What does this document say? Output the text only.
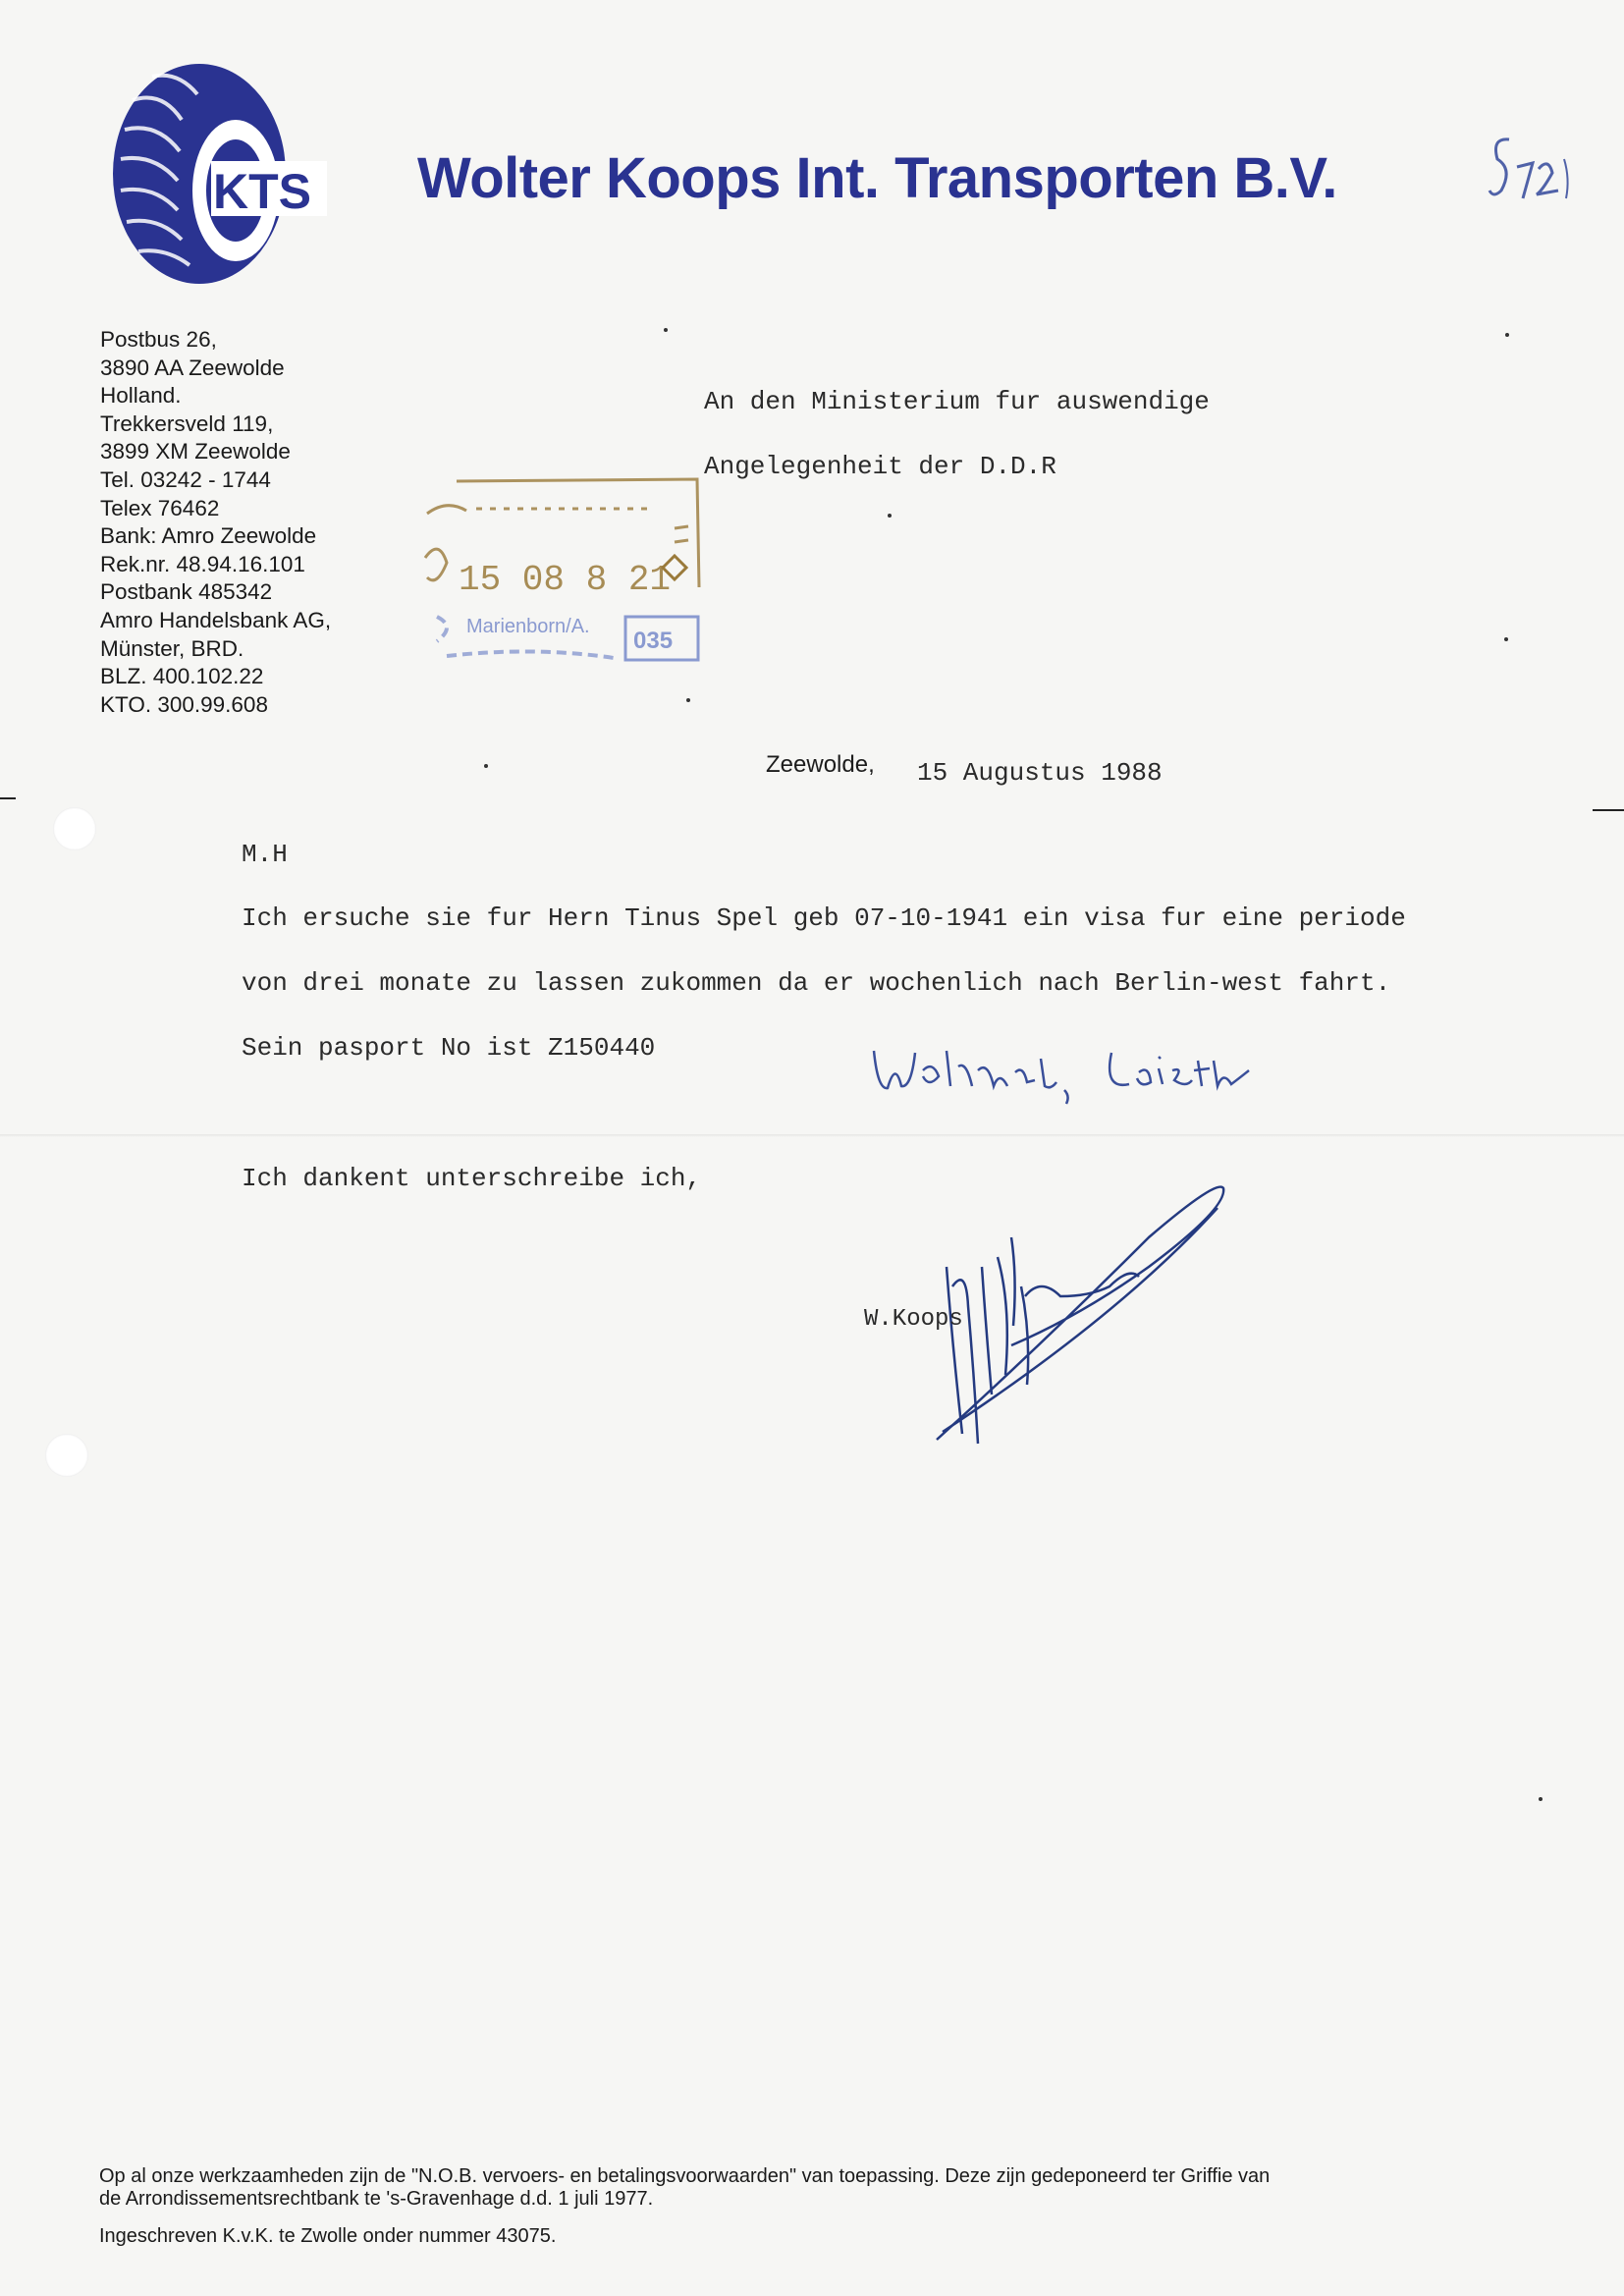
KTS Wolter Koops Int. Transporten B.V.
S72
Postbus 26,
3890 AA Zeewolde
Holland.
Trekkersveld 119,
3899 XM Zeewolde
Tel. 03242 - 1744
Telex 76462
Bank: Amro Zeewolde
Rek.nr. 48.94.16.101
Postbank 485342
Amro Handelsbank AG,
Münster, BRD.
BLZ. 400.102.22
KTO. 300.99.608
An den Ministerium fur auswendige
Angelegenheit der D.D.R
15 08 8 21
035
Marienborn/A.
Zeewolde, 15 Augustus 1988
M.H
Ich ersuche sie fur Hern Tinus Spel geb 07-10-1941 ein visa fur eine periode
von drei monate zu lassen zukommen da er wochenlich nach Berlin-west fahrt.
Sein pasport No ist Z150440
Wohnort, Leistu
Ich dankent unterschreibe ich,
W.Koops
Op al onze werkzaamheden zijn de "N.O.B. vervoers- en betalingsvoorwaarden" van toepassing. Deze zijn gedeponeerd ter Griffie van
de Arrondissementsrechtbank te 's-Gravenhage d.d. 1 juli 1977.
Ingeschreven K.v.K. te Zwolle onder nummer 43075.
